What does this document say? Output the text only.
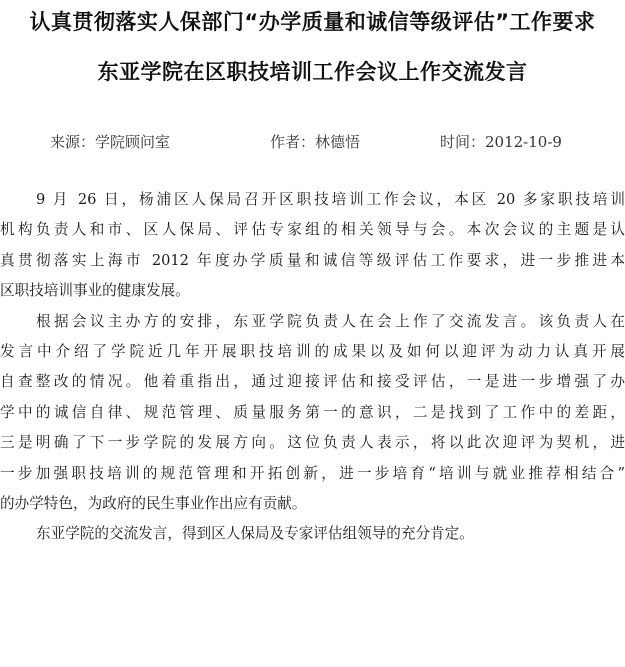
认真贯彻落实人保部门“办学质量和诚信等级评估”工作要求
东亚学院在区职技培训工作会议上作交流发言
来源：学院顾问室	作者：林德悟	时间：2012-10-9
9 月 26 日，杨浦区人保局召开区职技培训工作会议，本区 20 多家职技培训
机构负责人和市、区人保局、评估专家组的相关领导与会。本次会议的主题是认
真贯彻落实上海市 2012 年度办学质量和诚信等级评估工作要求，进一步推进本
区职技培训事业的健康发展。
根据会议主办方的安排，东亚学院负责人在会上作了交流发言。该负责人在
发言中介绍了学院近几年开展职技培训的成果以及如何以迎评为动力认真开展
自查整改的情况。他着重指出，通过迎接评估和接受评估，一是进一步增强了办
学中的诚信自律、规范管理、质量服务第一的意识，二是找到了工作中的差距，
三是明确了下一步学院的发展方向。这位负责人表示，将以此次迎评为契机，进
一步加强职技培训的规范管理和开拓创新，进一步培育“培训与就业推荐相结合”
的办学特色，为政府的民生事业作出应有贡献。
东亚学院的交流发言，得到区人保局及专家评估组领导的充分肯定。
